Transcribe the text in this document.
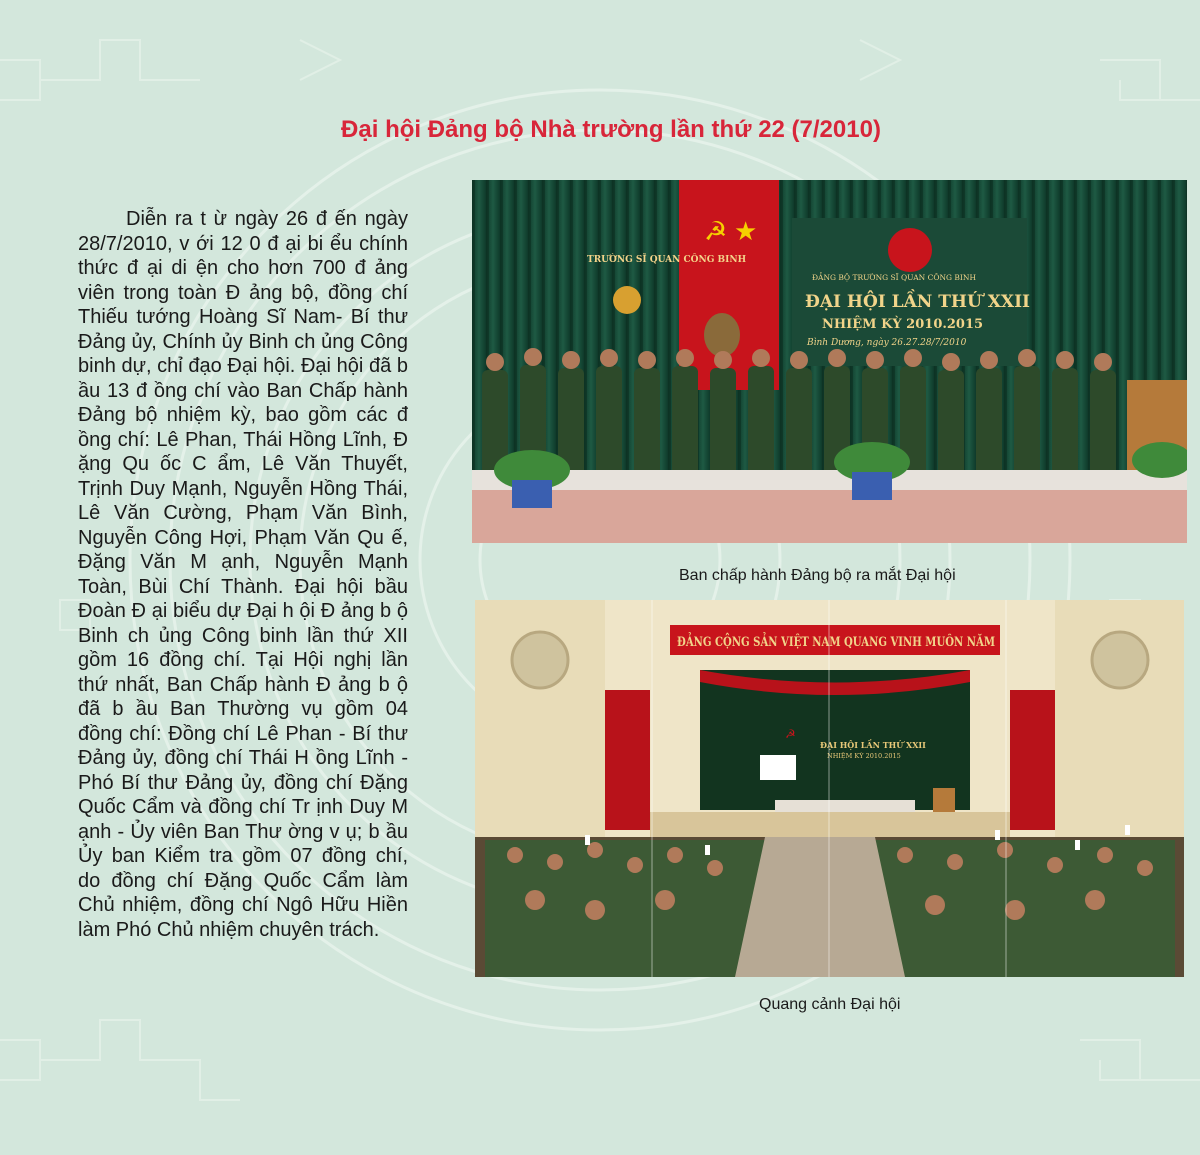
Đại hội Đảng bộ Nhà trường lần thứ 22 (7/2010)

Diễn ra t ừ ngày 26 đ ến ngày 28/7/2010, v ới 12 0 đ ại bi ểu chính thức đ ại di ện cho hơn 700 đ ảng viên trong toàn Đ ảng bộ, đồng chí Thiếu tướng Hoàng Sĩ Nam- Bí thư Đảng ủy, Chính ủy Binh ch ủng Công binh dự, chỉ đạo Đại hội. Đại hội đã b ầu 13 đ ồng chí vào Ban Chấp hành Đảng bộ nhiệm kỳ, bao gồm các đ ồng chí: Lê Phan, Thái Hồng Lĩnh, Đ ặng Qu ốc C ẩm, Lê Văn Thuyết, Trịnh Duy Mạnh, Nguyễn Hồng Thái, Lê Văn Cường, Phạm Văn Bình, Nguyễn Công Hợi, Phạm Văn Qu ế, Đặng Văn M ạnh, Nguyễn Mạnh Toàn, Bùi Chí Thành. Đại hội bầu Đoàn Đ ại biểu dự Đại h ội Đ ảng b ộ Binh ch ủng Công binh lần thứ XII gồm 16 đồng chí. Tại Hội nghị lần thứ nhất, Ban Chấp hành Đ ảng b ộ đã b ầu Ban Thường vụ gồm 04 đồng chí: Đồng chí Lê Phan - Bí thư Đảng ủy, đồng chí Thái H ồng Lĩnh - Phó Bí thư Đảng ủy, đồng chí Đặng Quốc Cẩm và đồng chí Tr ịnh Duy M ạnh - Ủy viên Ban Thư ờng v ụ; b ầu Ủy ban Kiểm tra gồm 07 đồng chí, do đồng chí Đặng Quốc Cẩm làm Chủ nhiệm, đồng chí Ngô Hữu Hiền làm Phó Chủ nhiệm chuyên trách.

☭ ★
TRƯỜNG SĨ QUAN CÔNG BINH
ĐẢNG BỘ TRƯỜNG SĨ QUAN CÔNG BINH
ĐẠI HỘI LẦN THỨ XXII
NHIỆM KỲ 2010.2015
Bình Dương, ngày 26.27.28/7/2010

Ban chấp hành Đảng bộ ra mắt Đại hội

ĐẢNG CỘNG SẢN VIỆT NAM QUANG VINH MUÔN NĂM
☭
ĐẠI HỘI LẦN THỨ XXII
NHIỆM KỲ 2010.2015

Quang cảnh Đại hội
